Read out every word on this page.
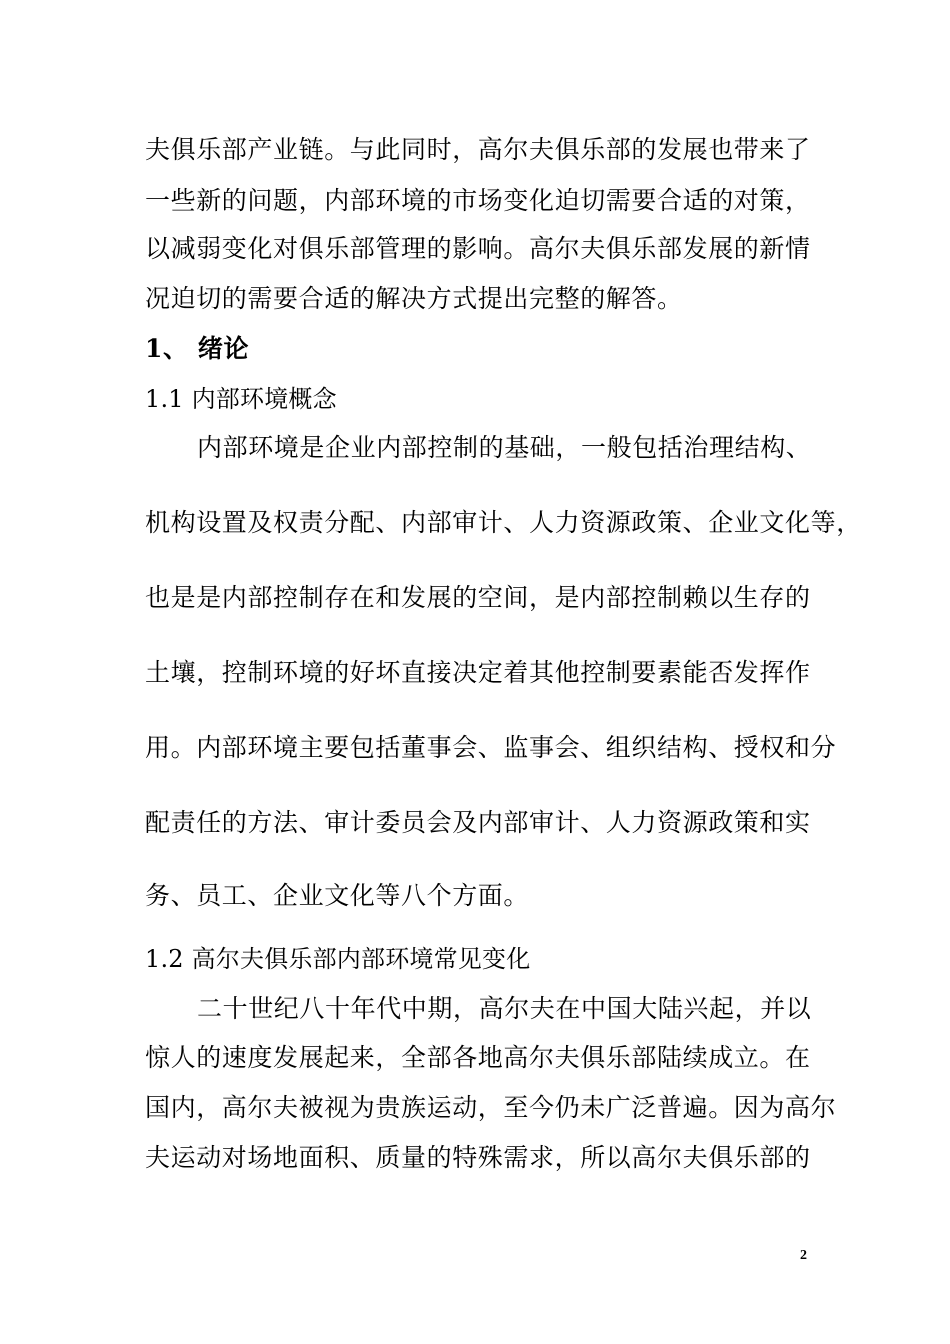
夫俱乐部产业链。与此同时，高尔夫俱乐部的发展也带来了
一些新的问题，内部环境的市场变化迫切需要合适的对策，
以减弱变化对俱乐部管理的影响。高尔夫俱乐部发展的新情
况迫切的需要合适的解决方式提出完整的解答。
1、 绪论
1.1 内部环境概念
内部环境是企业内部控制的基础，一般包括治理结构、
机构设置及权责分配、内部审计、人力资源政策、企业文化等，
也是是内部控制存在和发展的空间，是内部控制赖以生存的
土壤，控制环境的好坏直接决定着其他控制要素能否发挥作
用。内部环境主要包括董事会、监事会、组织结构、授权和分
配责任的方法、审计委员会及内部审计、人力资源政策和实
务、员工、企业文化等八个方面。
1.2 高尔夫俱乐部内部环境常见变化
二十世纪八十年代中期，高尔夫在中国大陆兴起，并以
惊人的速度发展起来，全部各地高尔夫俱乐部陆续成立。在
国内，高尔夫被视为贵族运动，至今仍未广泛普遍。因为高尔
夫运动对场地面积、质量的特殊需求，所以高尔夫俱乐部的
2
